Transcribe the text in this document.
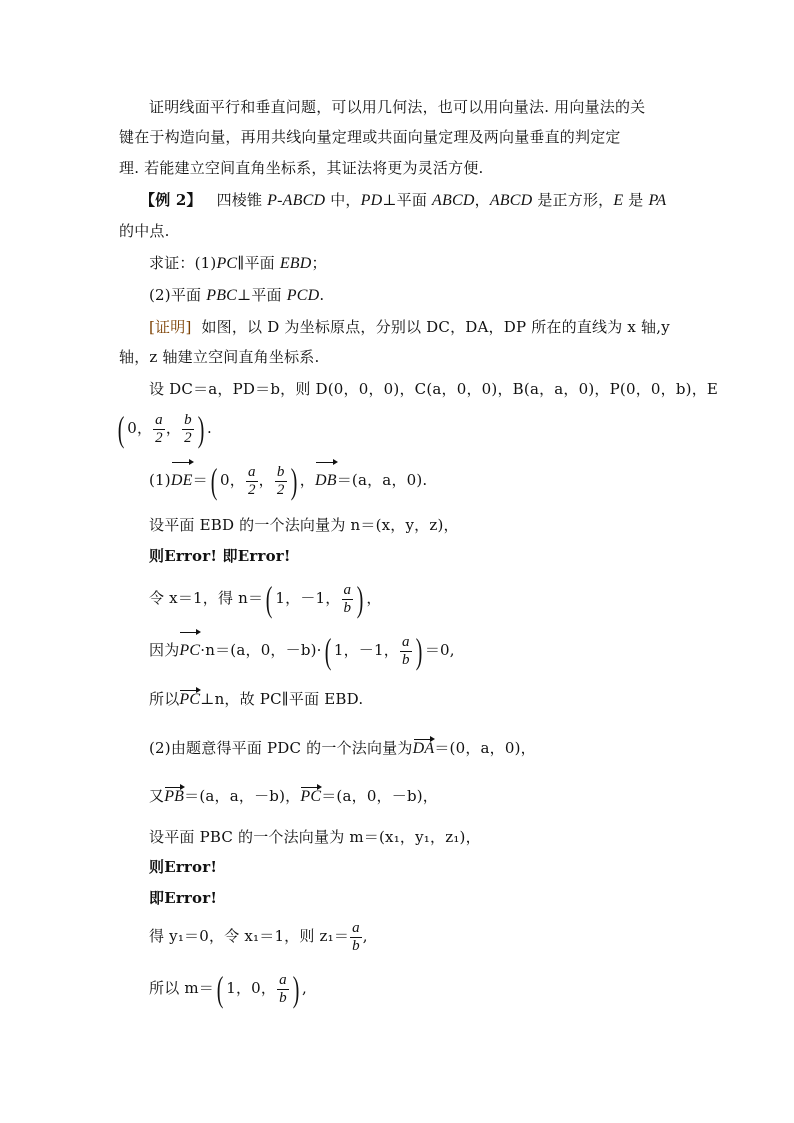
证明线面平行和垂直问题，可以用几何法，也可以用向量法. 用向量法的关
键在于构造向量，再用共线向量定理或共面向量定理及两向量垂直的判定定
理. 若能建立空间直角坐标系，其证法将更为灵活方便.
【例 2】 四棱锥 P-ABCD 中，PD⊥平面 ABCD，ABCD 是正方形，E 是 PA
的中点.
求证：(1)PC∥平面 EBD；
(2)平面 PBC⊥平面 PCD.
[证明] 如图，以 D 为坐标原点，分别以 DC，DA，DP 所在的直线为 x 轴,y
轴，z 轴建立空间直角坐标系.
设 DC＝a，PD＝b，则 D(0，0，0)，C(a，0，0)，B(a，a，0)，P(0，0，b)，E
( 0， $\frac{a}{2}$ ， $\frac{b}{2}$ ) .
(1)DE＝( 0， $\frac{a}{2}$ ， $\frac{b}{2}$ ) ，DB＝(a，a，0).
设平面 EBD 的一个法向量为 n＝(x，y，z)，
则Error! 即Error!
令 x＝1，得 n＝( 1，－1， $\frac{a}{b}$ ) ，
因为PC·n＝(a，0，－b)·( 1，－1， $\frac{a}{b}$ ) ＝0,
所以PC⊥n，故 PC∥平面 EBD.
(2)由题意得平面 PDC 的一个法向量为DA＝(0，a，0)，
又PB＝(a，a，－b)，PC＝(a，0，－b)，
设平面 PBC 的一个法向量为 m＝(x₁，y₁，z₁)，
则Error!
即Error!
得 y₁＝0，令 x₁＝1，则 $z_1= \frac{a}{b}$ ,
所以 m＝( 1，0， $\frac{a}{b}$ ) ,
